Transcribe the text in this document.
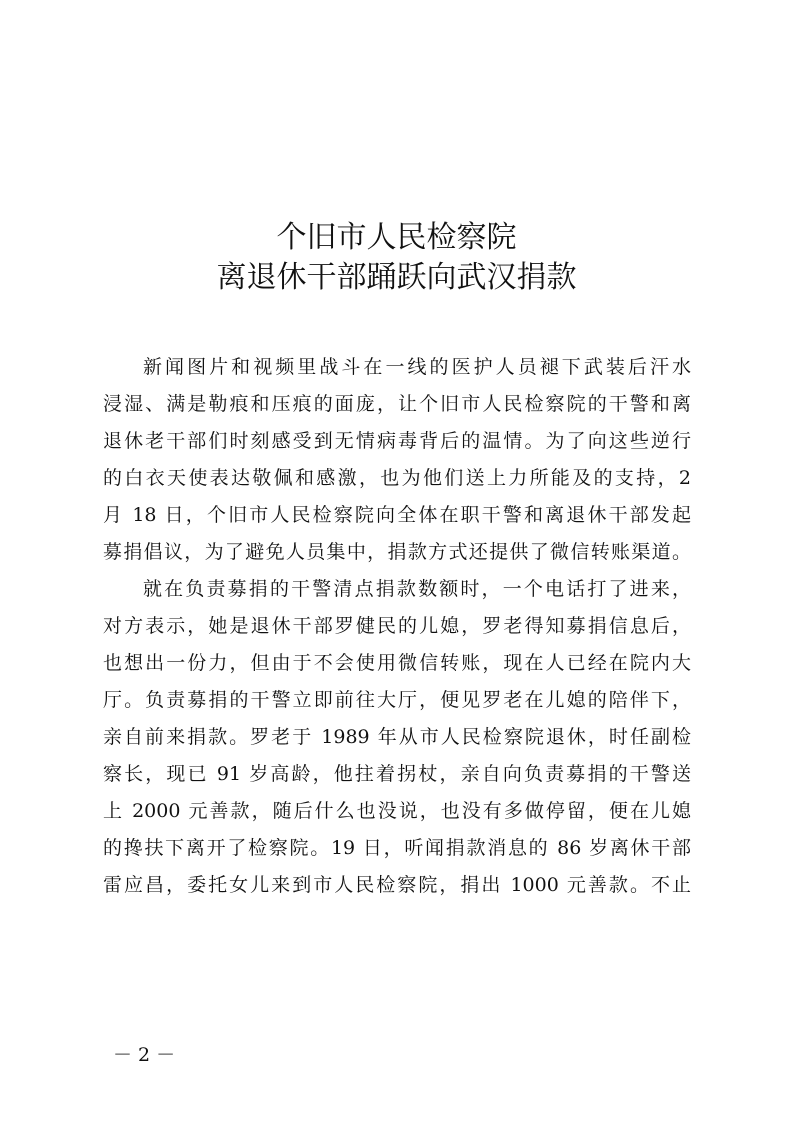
个旧市人民检察院
离退休干部踊跃向武汉捐款
新闻图片和视频里战斗在一线的医护人员褪下武装后汗水
浸湿、满是勒痕和压痕的面庞，让个旧市人民检察院的干警和离
退休老干部们时刻感受到无情病毒背后的温情。为了向这些逆行
的白衣天使表达敬佩和感激，也为他们送上力所能及的支持，2
月 18 日，个旧市人民检察院向全体在职干警和离退休干部发起
募捐倡议，为了避免人员集中，捐款方式还提供了微信转账渠道。
就在负责募捐的干警清点捐款数额时，一个电话打了进来，
对方表示，她是退休干部罗健民的儿媳，罗老得知募捐信息后，
也想出一份力，但由于不会使用微信转账，现在人已经在院内大
厅。负责募捐的干警立即前往大厅，便见罗老在儿媳的陪伴下，
亲自前来捐款。罗老于 1989 年从市人民检察院退休，时任副检
察长，现已 91 岁高龄，他拄着拐杖，亲自向负责募捐的干警送
上 2000 元善款，随后什么也没说，也没有多做停留，便在儿媳
的搀扶下离开了检察院。19 日，听闻捐款消息的 86 岁离休干部
雷应昌，委托女儿来到市人民检察院，捐出 1000 元善款。不止
－ 2 －
